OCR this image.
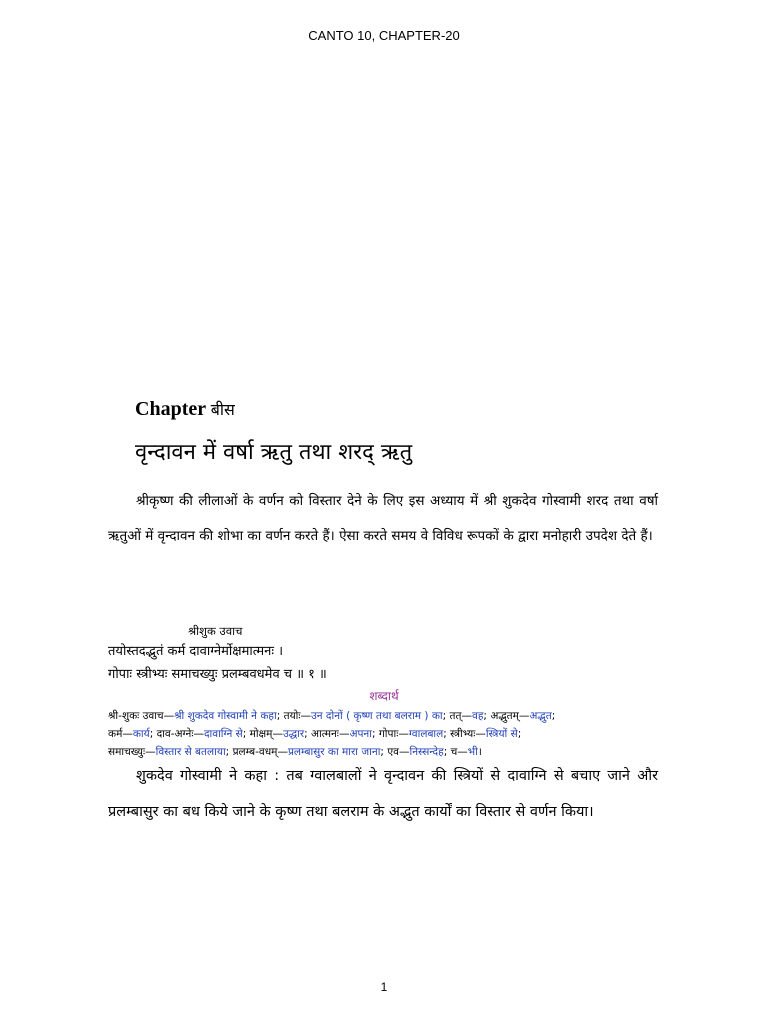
CANTO 10, CHAPTER-20
Chapter बीस
वृन्दावन में वर्षा ऋतु तथा शरद् ऋतु
श्रीकृष्ण की लीलाओं के वर्णन को विस्तार देने के लिए इस अध्याय में श्री शुकदेव गोस्वामी शरद तथा वर्षा ऋतुओं में वृन्दावन की शोभा का वर्णन करते हैं। ऐसा करते समय वे विविध रूपकों के द्वारा मनोहारी उपदेश देते हैं।
श्रीशुक उवाच
तयोस्तदद्भुतं कर्म दावाग्नेर्मोक्षमात्मनः ।
गोपाः स्त्रीभ्यः समाचख्युः प्रलम्बवधमेव च ॥ १ ॥
शब्दार्थ
श्री-शुकः उवाच—श्री शुकदेव गोस्वामी ने कहा; तयोः—उन दोनों ( कृष्ण तथा बलराम ) का; तत्—वह; अद्भुतम्—अद्भुत;
कर्म—कार्य; दाव-अग्नेः—दावाग्नि से; मोक्षम्—उद्धार; आत्मनः—अपना; गोपाः—ग्वालबाल; स्त्रीभ्यः—स्त्रियों से;
समाचख्युः—विस्तार से बतलाया; प्रलम्ब-वधम्—प्रलम्बासुर का मारा जाना; एव—निस्सन्देह; च—भी।
शुकदेव गोस्वामी ने कहा : तब ग्वालबालों ने वृन्दावन की स्त्रियों से दावाग्नि से बचाए जाने और प्रलम्बासुर का बध किये जाने के कृष्ण तथा बलराम के अद्भुत कार्यों का विस्तार से वर्णन किया।
1
